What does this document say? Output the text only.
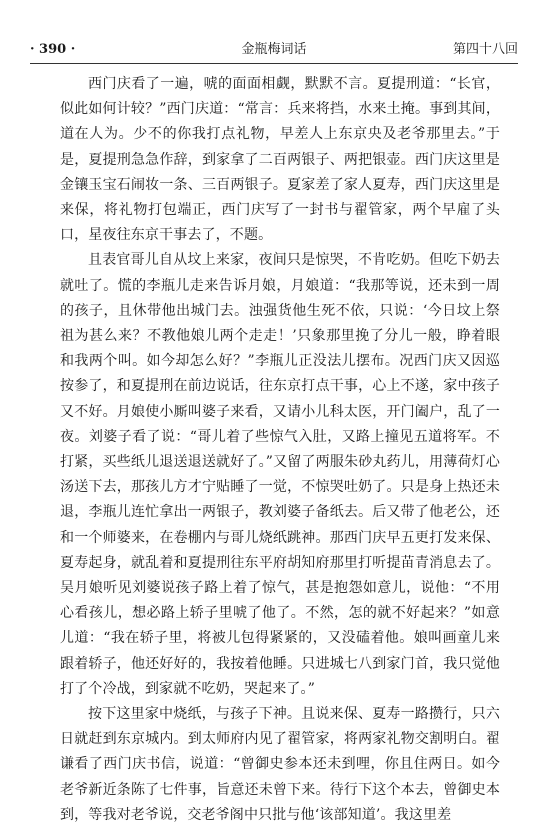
· 390 ·	金瓶梅词话	第四十八回

西门庆看了一遍，唬的面面相觑，默默不言。夏提刑道：“长官，似此如何计较？”西门庆道：“常言：兵来将挡，水来土掩。事到其间，道在人为。少不的你我打点礼物，早差人上东京央及老爷那里去。”于是，夏提刑急急作辞，到家拿了二百两银子、两把银壶。西门庆这里是金镶玉宝石闹妆一条、三百两银子。夏家差了家人夏寿，西门庆这里是来保，将礼物打包端正，西门庆写了一封书与翟管家，两个早雇了头口，星夜往东京干事去了，不题。

且表官哥儿自从坟上来家，夜间只是惊哭，不肯吃奶。但吃下奶去就吐了。慌的李瓶儿走来告诉月娘，月娘道：“我那等说，还未到一周的孩子，且休带他出城门去。浊强货他生死不依，只说：‘今日坟上祭祖为甚么来？不教他娘儿两个走走！’只象那里挽了分儿一般，睁着眼和我两个叫。如今却怎么好？”李瓶儿正没法儿摆布。况西门庆又因巡按参了，和夏提刑在前边说话，往东京打点干事，心上不遂，家中孩子又不好。月娘使小厮叫婆子来看，又请小儿科太医，开门阖户，乱了一夜。刘婆子看了说：“哥儿着了些惊气入肚，又路上撞见五道将军。不打紧，买些纸儿退送退送就好了。”又留了两服朱砂丸药儿，用薄荷灯心汤送下去，那孩儿方才宁贴睡了一觉，不惊哭吐奶了。只是身上热还未退，李瓶儿连忙拿出一两银子，教刘婆子备纸去。后又带了他老公，还和一个师婆来，在卷棚内与哥儿烧纸跳神。那西门庆早五更打发来保、夏寿起身，就乱着和夏提刑往东平府胡知府那里打听提苗青消息去了。吴月娘听见刘婆说孩子路上着了惊气，甚是抱怨如意儿，说他：“不用心看孩儿，想必路上轿子里唬了他了。不然，怎的就不好起来？”如意儿道：“我在轿子里，将被儿包得紧紧的，又没磕着他。娘叫画童儿来跟着轿子，他还好好的，我按着他睡。只进城七八到家门首，我只觉他打了个冷战，到家就不吃奶，哭起来了。”

按下这里家中烧纸，与孩子下神。且说来保、夏寿一路攒行，只六日就赶到东京城内。到太师府内见了翟管家，将两家礼物交割明白。翟谦看了西门庆书信，说道：“曾御史参本还未到哩，你且住两日。如今老爷新近条陈了七件事，旨意还未曾下来。待行下这个本去，曾御史本到，等我对老爷说，交老爷阁中只批与他‘该部知道’。我这里差
